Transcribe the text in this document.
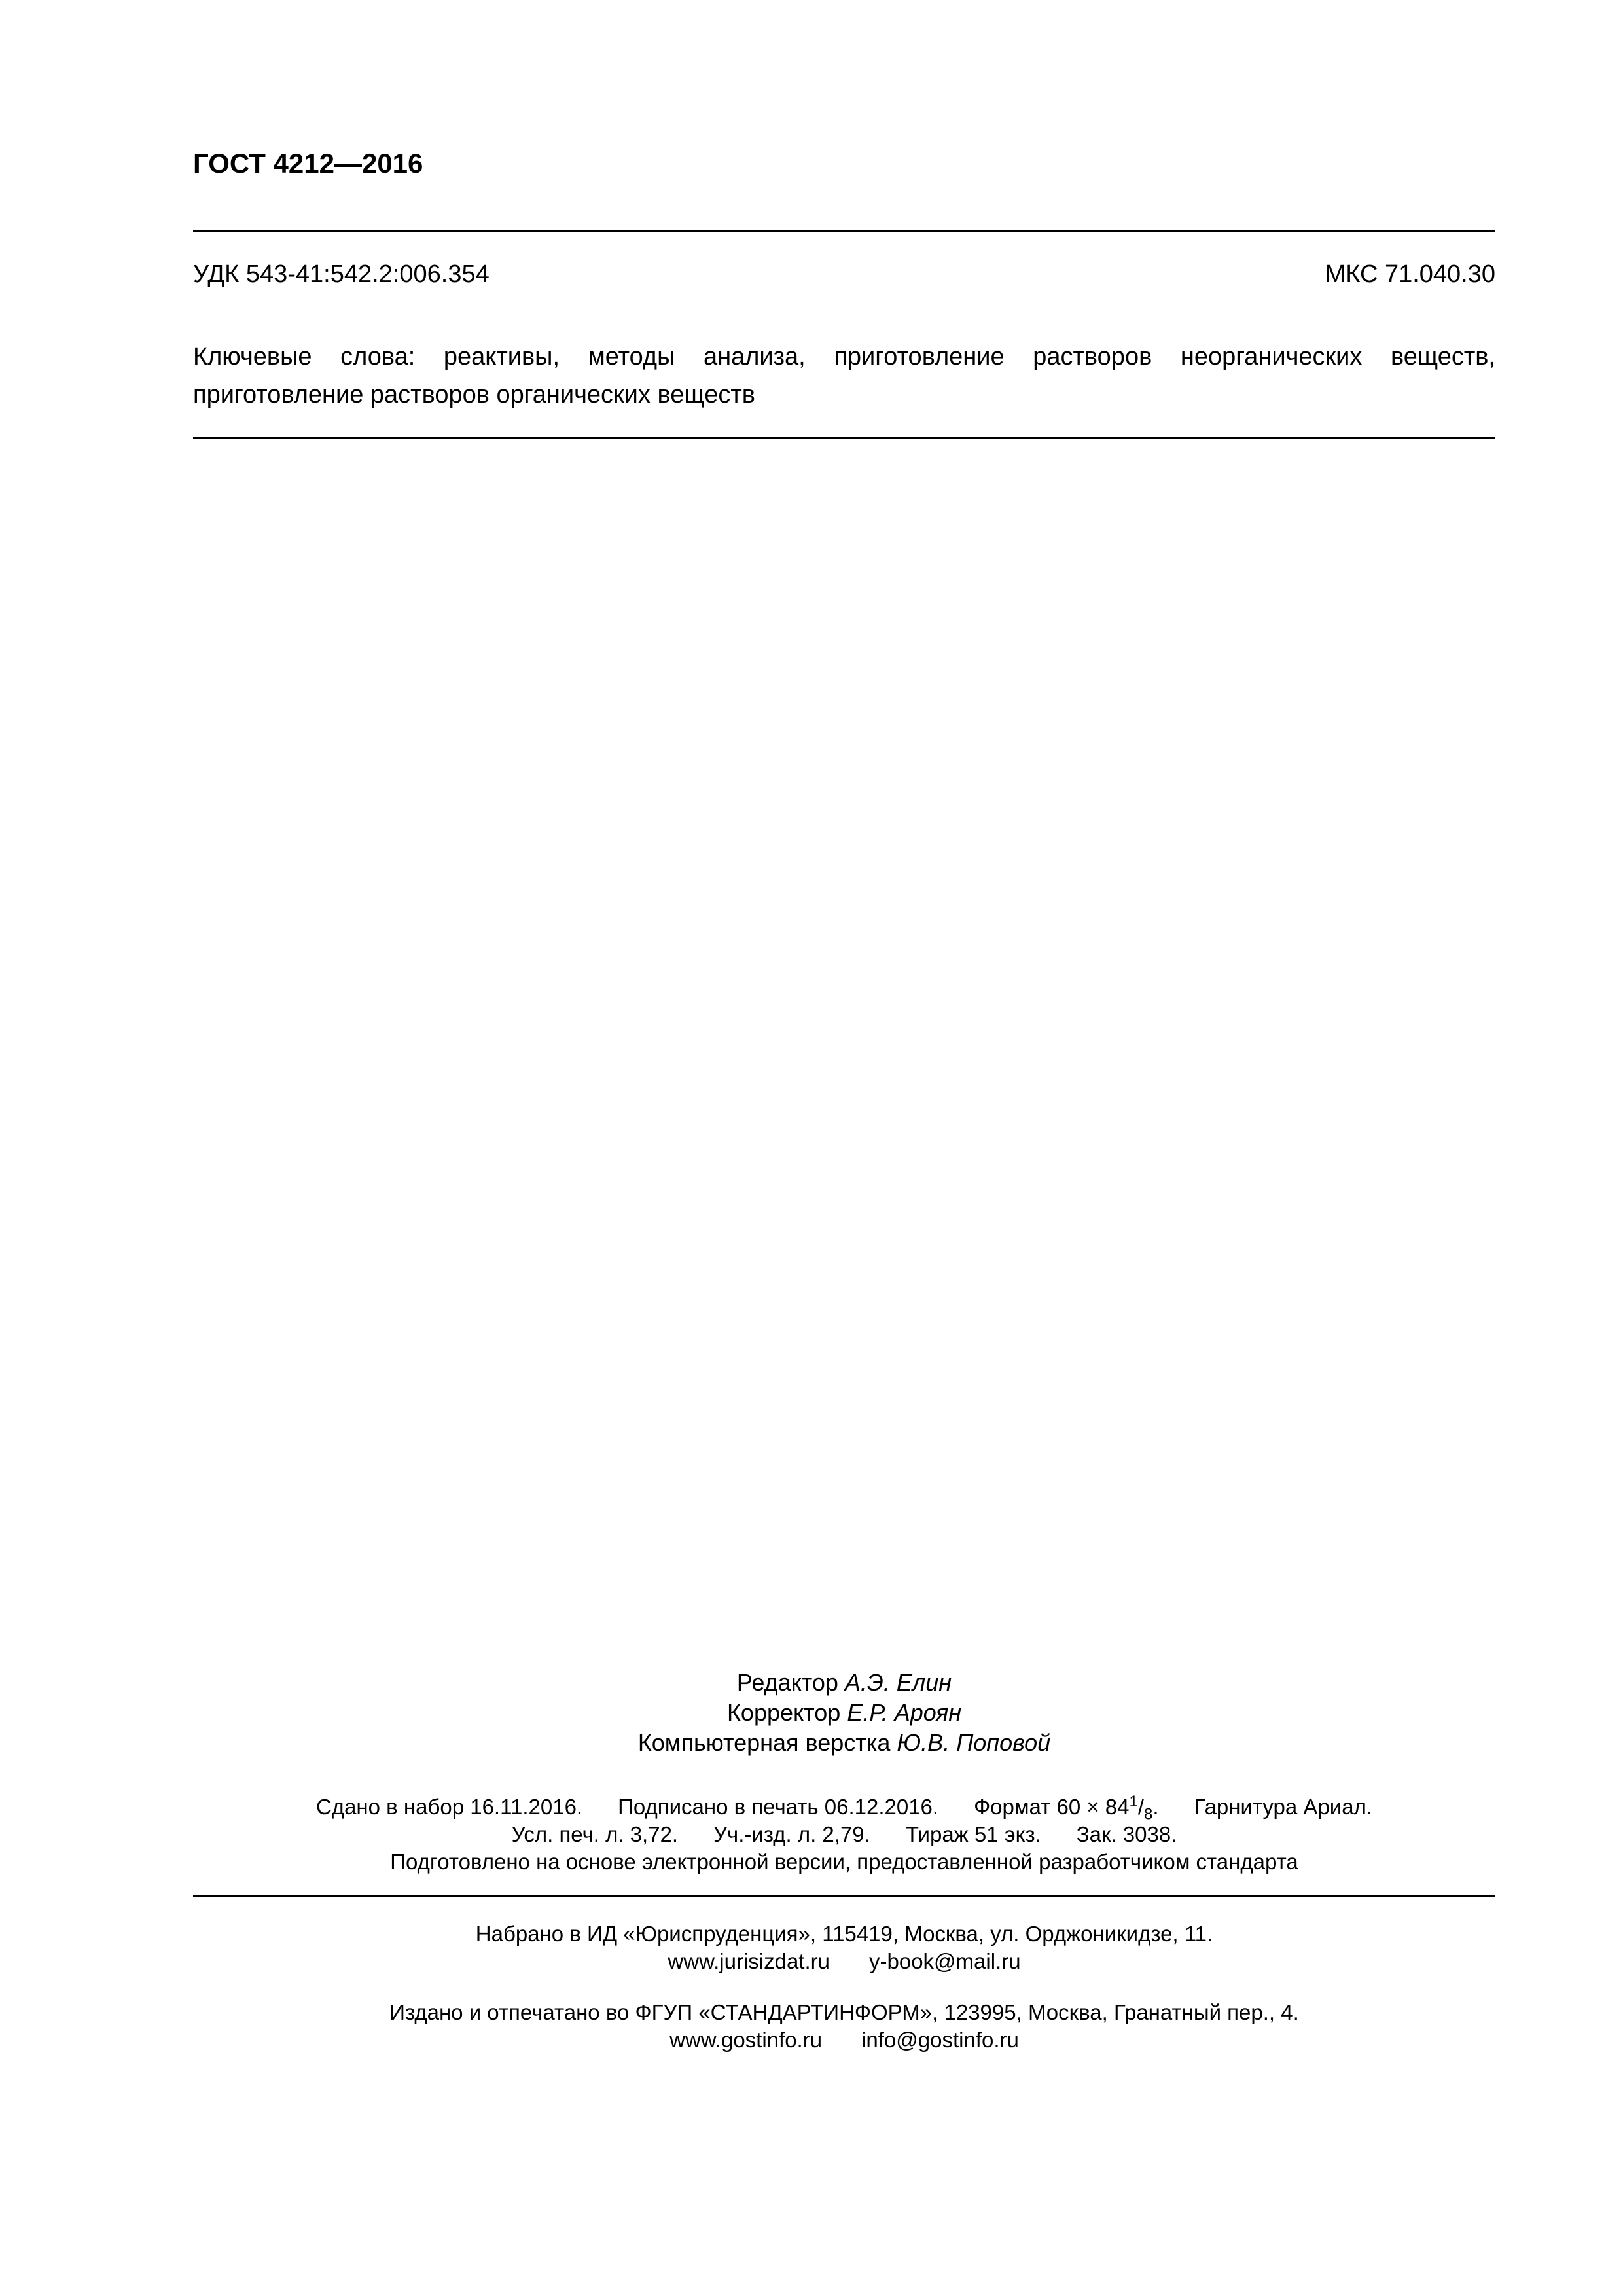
ГОСТ 4212—2016
УДК 543-41:542.2:006.354	МКС 71.040.30
Ключевые слова: реактивы, методы анализа, приготовление растворов неорганических веществ, приготовление растворов органических веществ
Редактор А.Э. Елин
Корректор Е.Р. Ароян
Компьютерная верстка Ю.В. Поповой
Сдано в набор 16.11.2016. Подписано в печать 06.12.2016. Формат $60 \times 84^1/_8$. Гарнитура Ариал.
Усл. печ. л. 3,72. Уч.-изд. л. 2,79. Тираж 51 экз. Зак. 3038.
Подготовлено на основе электронной версии, предоставленной разработчиком стандарта
Набрано в ИД «Юриспруденция», 115419, Москва, ул. Орджоникидзе, 11.
www.jurisizdat.ru y-book@mail.ru
Издано и отпечатано во ФГУП «СТАНДАРТИНФОРМ», 123995, Москва, Гранатный пер., 4.
www.gostinfo.ru info@gostinfo.ru
